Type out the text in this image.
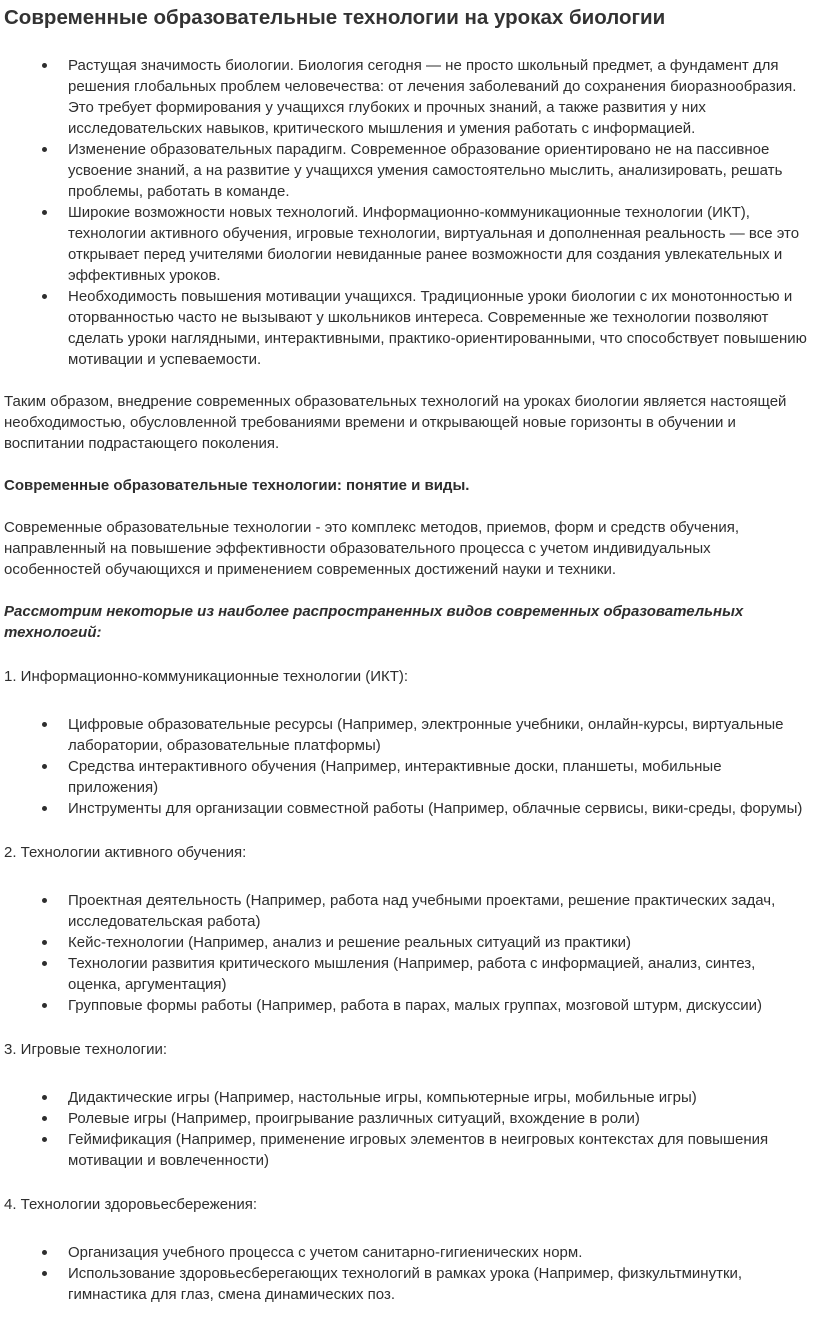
Современные образовательные технологии на уроках биологии
Растущая значимость биологии. Биология сегодня — не просто школьный предмет, а фундамент для решения глобальных проблем человечества: от лечения заболеваний до сохранения биоразнообразия. Это требует формирования у учащихся глубоких и прочных знаний, а также развития у них исследовательских навыков, критического мышления и умения работать с информацией.
Изменение образовательных парадигм. Современное образование ориентировано не на пассивное усвоение знаний, а на развитие у учащихся умения самостоятельно мыслить, анализировать, решать проблемы, работать в команде.
Широкие возможности новых технологий. Информационно-коммуникационные технологии (ИКТ), технологии активного обучения, игровые технологии, виртуальная и дополненная реальность — все это открывает перед учителями биологии невиданные ранее возможности для создания увлекательных и эффективных уроков.
Необходимость повышения мотивации учащихся. Традиционные уроки биологии с их монотонностью и оторванностью часто не вызывают у школьников интереса. Современные же технологии позволяют сделать уроки наглядными, интерактивными, практико-ориентированными, что способствует повышению мотивации и успеваемости.

Таким образом, внедрение современных образовательных технологий на уроках биологии является настоящей необходимостью, обусловленной требованиями времени и открывающей новые горизонты в обучении и воспитании подрастающего поколения.

Современные образовательные технологии: понятие и виды.

Современные образовательные технологии - это комплекс методов, приемов, форм и средств обучения, направленный на повышение эффективности образовательного процесса с учетом индивидуальных особенностей обучающихся и применением современных достижений науки и техники.

Рассмотрим некоторые из наиболее распространенных видов современных образовательных технологий:

1. Информационно-коммуникационные технологии (ИКТ):

Цифровые образовательные ресурсы (Например, электронные учебники, онлайн-курсы, виртуальные лаборатории, образовательные платформы)
Средства интерактивного обучения (Например, интерактивные доски, планшеты, мобильные приложения)
Инструменты для организации совместной работы (Например, облачные сервисы, вики-среды, форумы)

2. Технологии активного обучения:

Проектная деятельность (Например, работа над учебными проектами, решение практических задач, исследовательская работа)
Кейс-технологии (Например, анализ и решение реальных ситуаций из практики)
Технологии развития критического мышления (Например, работа с информацией, анализ, синтез, оценка, аргументация)
Групповые формы работы (Например, работа в парах, малых группах, мозговой штурм, дискуссии)

3. Игровые технологии:

Дидактические игры (Например, настольные игры, компьютерные игры, мобильные игры)
Ролевые игры (Например, проигрывание различных ситуаций, вхождение в роли)
Геймификация (Например, применение игровых элементов в неигровых контекстах для повышения мотивации и вовлеченности)

4. Технологии здоровьесбережения:

Организация учебного процесса с учетом санитарно-гигиенических норм.
Использование здоровьесберегающих технологий в рамках урока (Например, физкультминутки, гимнастика для глаз, смена динамических поз.
